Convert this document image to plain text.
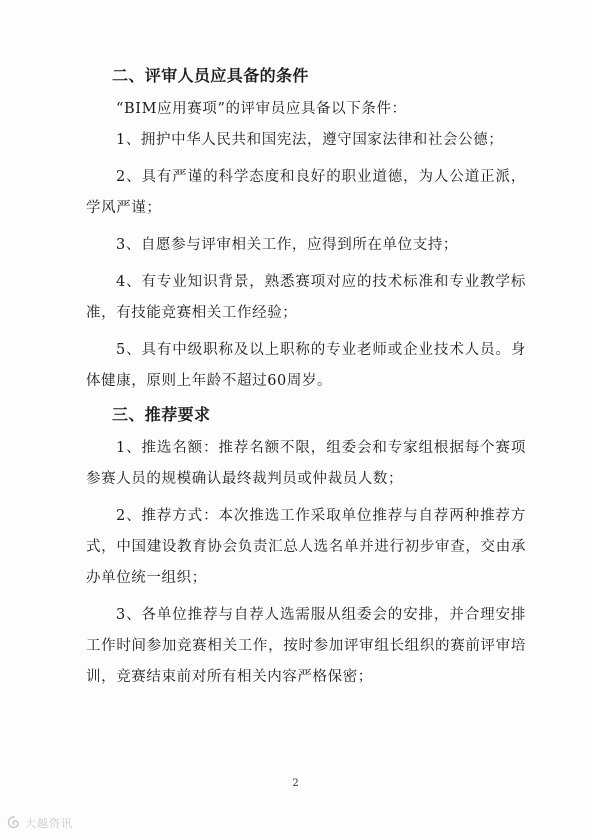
二、评审人员应具备的条件
“BIM应用赛项”的评审员应具备以下条件：
1、拥护中华人民共和国宪法，遵守国家法律和社会公德；
2、具有严谨的科学态度和良好的职业道德，为人公道正派，学风严谨；
3、自愿参与评审相关工作，应得到所在单位支持；
4、有专业知识背景，熟悉赛项对应的技术标准和专业教学标准，有技能竞赛相关工作经验；
5、具有中级职称及以上职称的专业老师或企业技术人员。身体健康，原则上年龄不超过60周岁。
三、推荐要求
1、推选名额：推荐名额不限，组委会和专家组根据每个赛项参赛人员的规模确认最终裁判员或仲裁员人数；
2、推荐方式：本次推选工作采取单位推荐与自荐两种推荐方式，中国建设教育协会负责汇总人选名单并进行初步审查，交由承办单位统一组织；
3、各单位推荐与自荐人选需服从组委会的安排，并合理安排工作时间参加竞赛相关工作，按时参加评审组长组织的赛前评审培训，竞赛结束前对所有相关内容严格保密；
2
大越资讯
